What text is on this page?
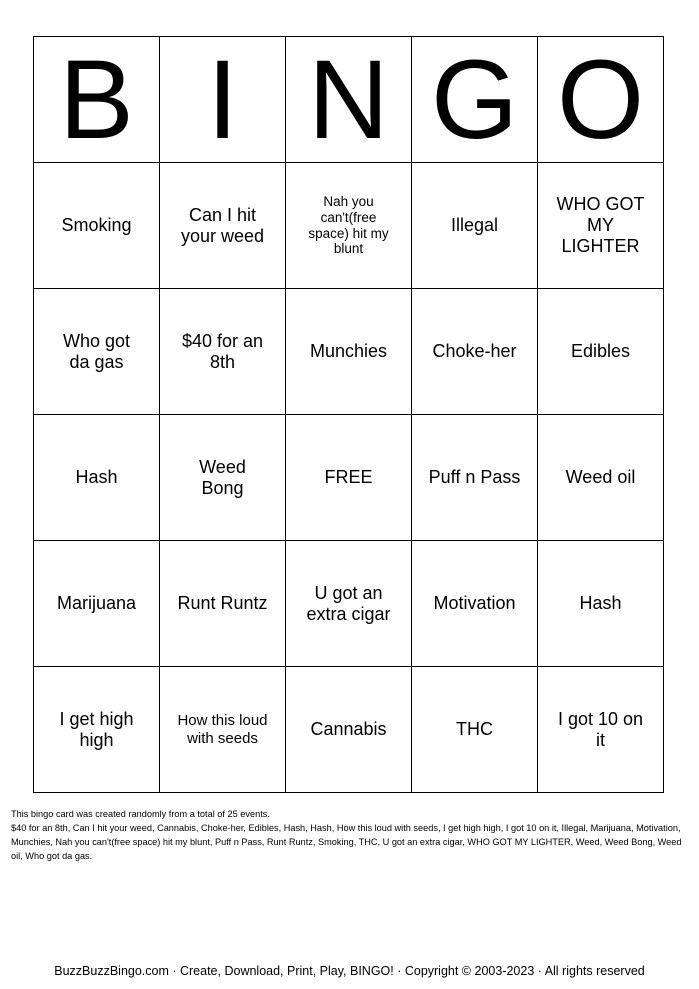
B	I	N	G	O
Smoking	Can I hit your weed	Nah you can't(free space) hit my blunt	Illegal	WHO GOT MY LIGHTER
Who got da gas	$40 for an 8th	Munchies	Choke-her	Edibles
Hash	Weed Bong	FREE	Puff n Pass	Weed oil
Marijuana	Runt Runtz	U got an extra cigar	Motivation	Hash
I get high high	How this loud with seeds	Cannabis	THC	I got 10 on it
This bingo card was created randomly from a total of 25 events.
$40 for an 8th, Can I hit your weed, Cannabis, Choke-her, Edibles, Hash, Hash, How this loud with seeds, I get high high, I got 10 on it, Illegal, Marijuana, Motivation, Munchies, Nah you can't(free space) hit my blunt, Puff n Pass, Runt Runtz, Smoking, THC, U got an extra cigar, WHO GOT MY LIGHTER, Weed, Weed Bong, Weed oil, Who got da gas.
BuzzBuzzBingo.com · Create, Download, Print, Play, BINGO! · Copyright © 2003-2023 · All rights reserved
